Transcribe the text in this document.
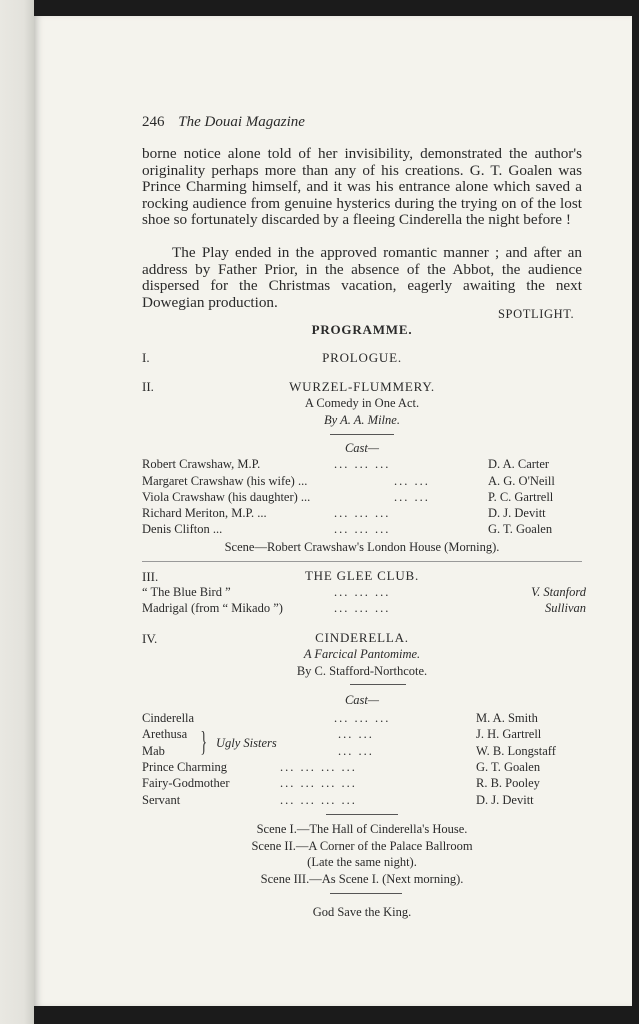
246 The Douai Magazine
borne notice alone told of her invisibility, demonstrated the author's originality perhaps more than any of his creations. G. T. Goalen was Prince Charming himself, and it was his entrance alone which saved a rocking audience from genuine hysterics during the trying on of the lost shoe so fortunately discarded by a fleeing Cinderella the night before !
The Play ended in the approved romantic manner ; and after an address by Father Prior, in the absence of the Abbot, the audience dispersed for the Christmas vacation, eagerly awaiting the next Dowegian production.
SPOTLIGHT.
PROGRAMME.
I.	PROLOGUE.
II.	WURZEL-FLUMMERY.
A Comedy in One Act.
By A. A. Milne.
Cast—
Robert Crawshaw, M.P.	... ... ...	D. A. Carter
Margaret Crawshaw (his wife) ...	... ...	A. G. O'Neill
Viola Crawshaw (his daughter) ...	... ...	P. C. Gartrell
Richard Meriton, M.P. ...	... ... ...	D. J. Devitt
Denis Clifton ...	... ... ...	G. T. Goalen
Scene—Robert Crawshaw's London House (Morning).
III.	THE GLEE CLUB.
“ The Blue Bird ”	... ... ...	V. Stanford
Madrigal (from “ Mikado ”)	... ... ...	Sullivan
IV.	CINDERELLA.
A Farcical Pantomime.
By C. Stafford-Northcote.
Cast—
Cinderella	... ... ...	M. A. Smith
Arethusa	... ...	J. H. Gartrell
Mab	... ...	W. B. Longstaff
} Ugly Sisters
Prince Charming	... ... ... ...	G. T. Goalen
Fairy-Godmother	... ... ... ...	R. B. Pooley
Servant	... ... ... ...	D. J. Devitt
Scene I.—The Hall of Cinderella's House.
Scene II.—A Corner of the Palace Ballroom
(Late the same night).
Scene III.—As Scene I. (Next morning).
God Save the King.
